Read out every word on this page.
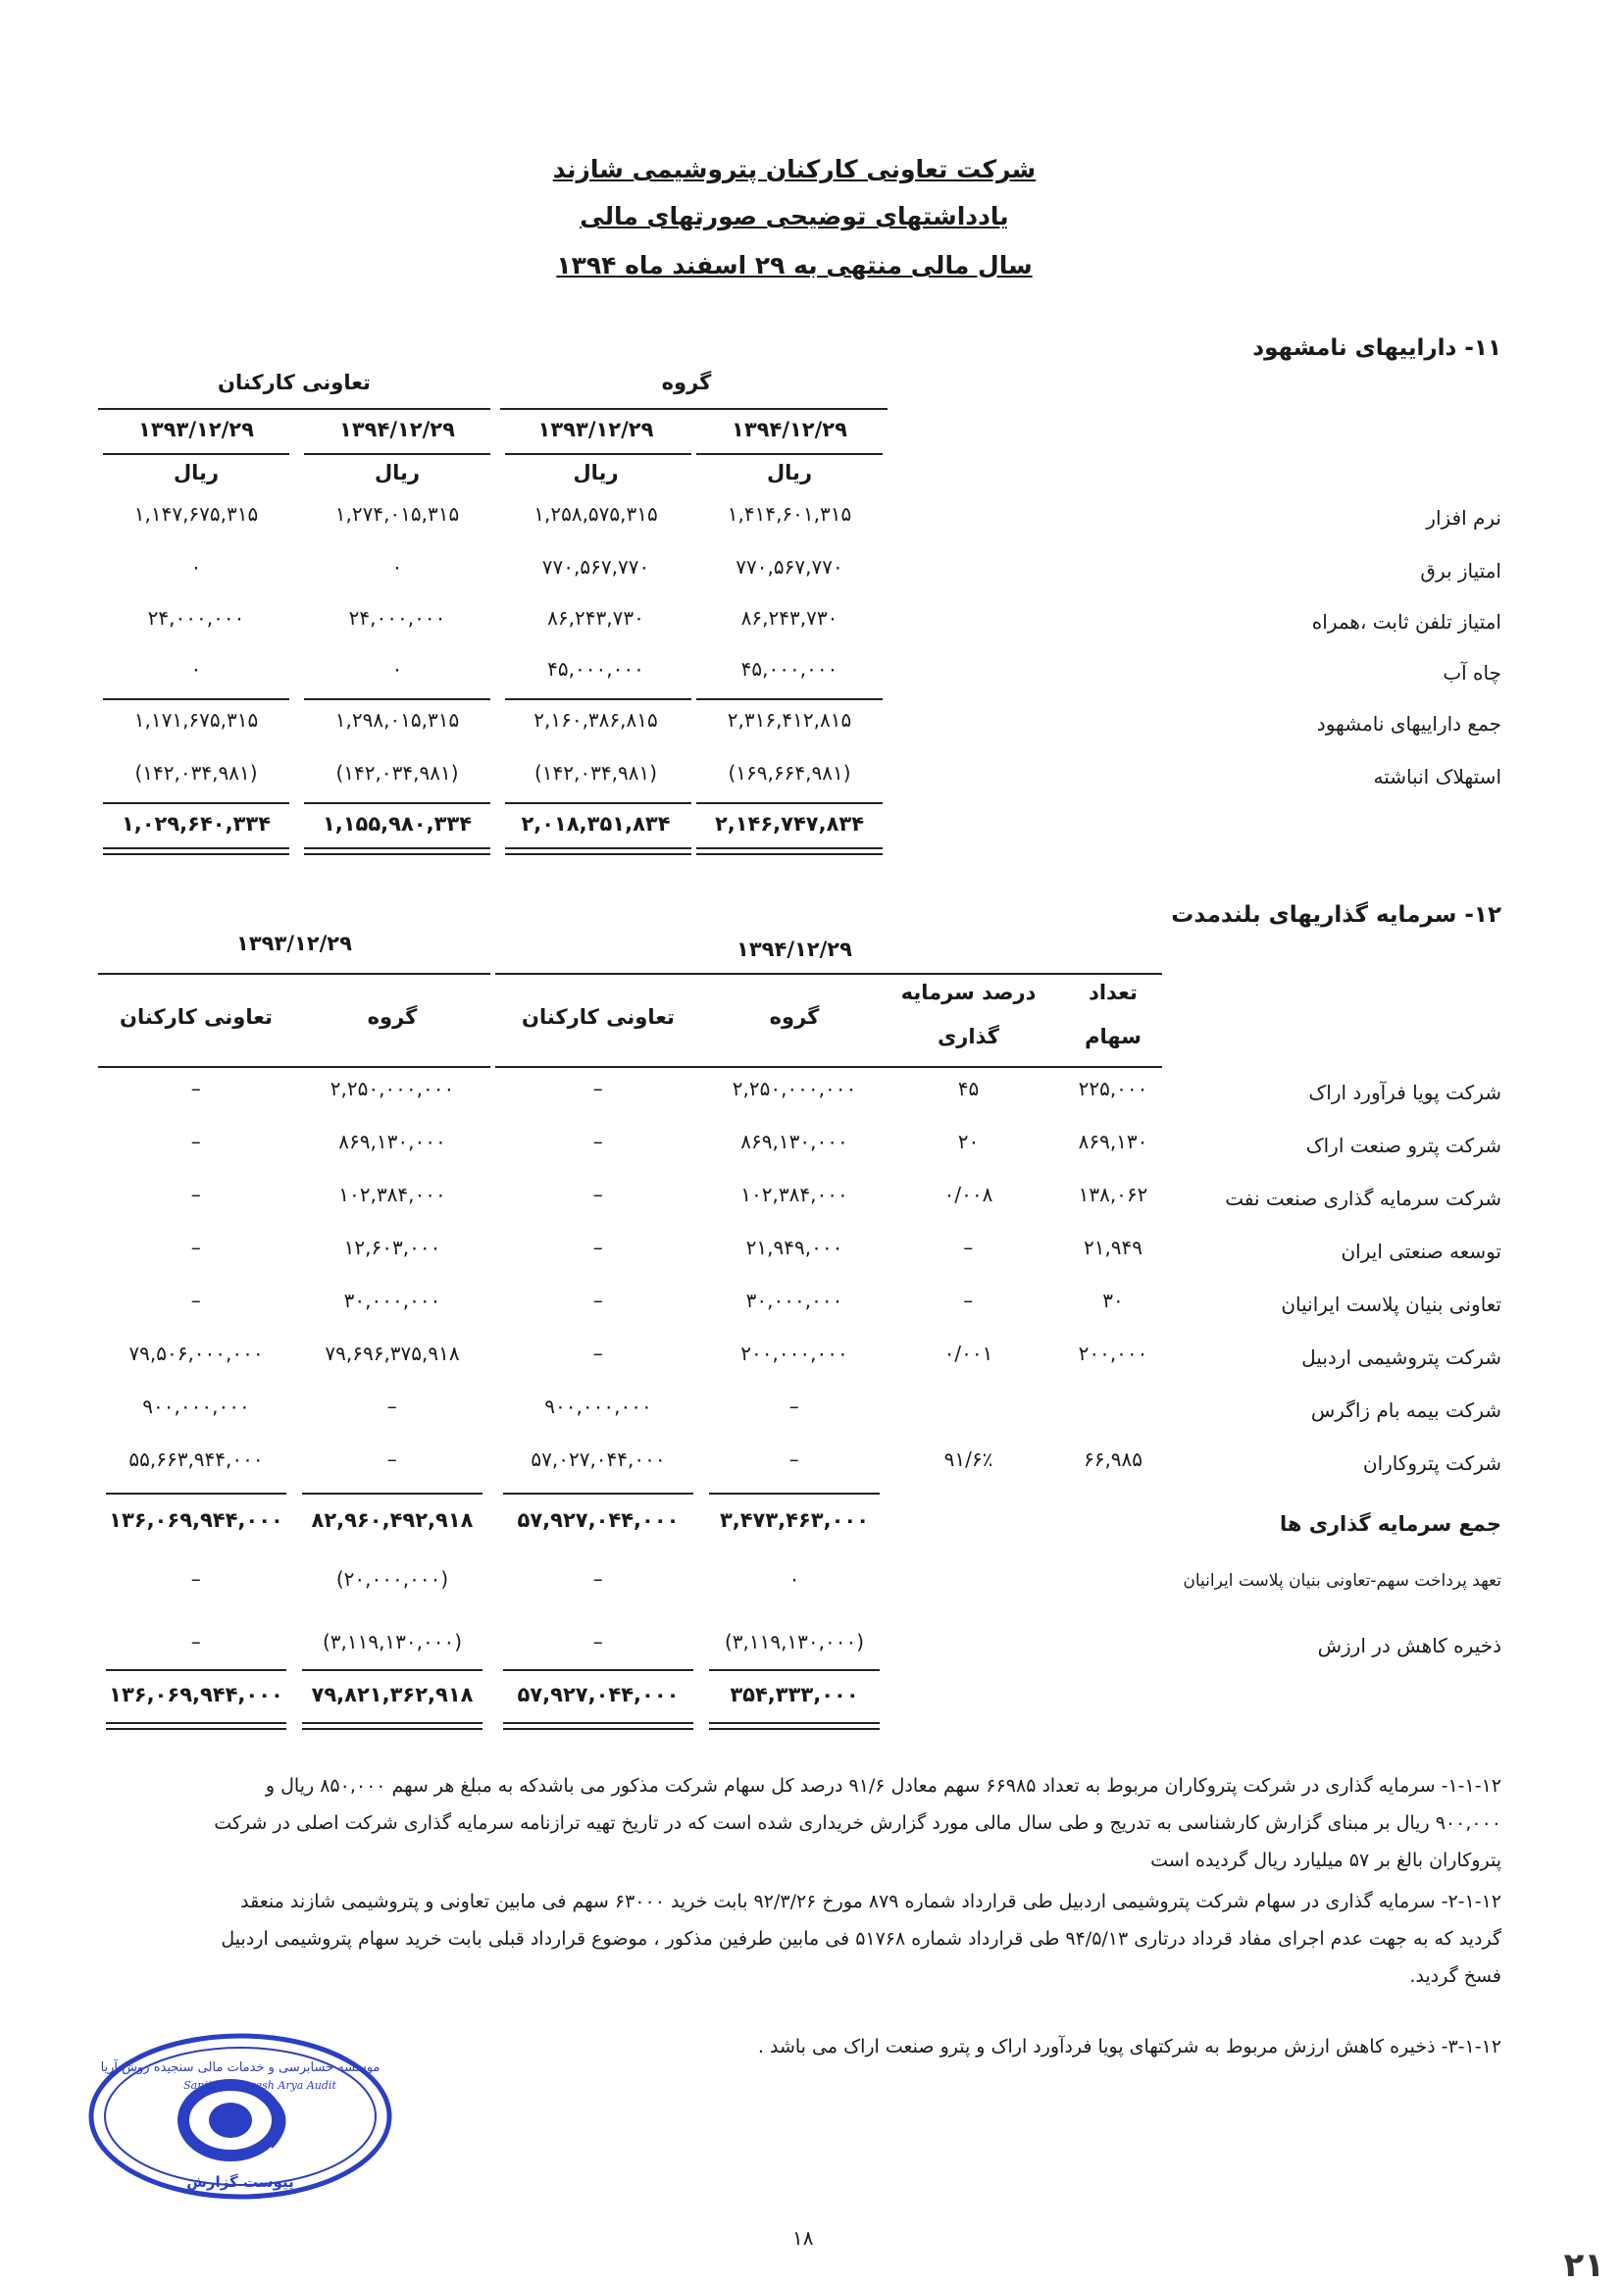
شرکت تعاونی کارکنان پتروشیمی شازند
یادداشتهای توضیحی صورتهای مالی
سال مالی منتهی به ۲۹ اسفند ماه ۱۳۹۴
۱۱- داراییهای نامشهود
گروه
تعاونی کارکنان
۱۳۹۴/۱۲/۲۹
ریال
۱۳۹۳/۱۲/۲۹
ریال
۱۳۹۴/۱۲/۲۹
ریال
۱۳۹۳/۱۲/۲۹
ریال
نرم افزار
۱,۴۱۴,۶۰۱,۳۱۵
۱,۲۵۸,۵۷۵,۳۱۵
۱,۲۷۴,۰۱۵,۳۱۵
۱,۱۴۷,۶۷۵,۳۱۵
امتیاز برق
۷۷۰,۵۶۷,۷۷۰
۷۷۰,۵۶۷,۷۷۰
۰
۰
امتیاز تلفن ثابت ،همراه
۸۶,۲۴۳,۷۳۰
۸۶,۲۴۳,۷۳۰
۲۴,۰۰۰,۰۰۰
۲۴,۰۰۰,۰۰۰
چاه آب
۴۵,۰۰۰,۰۰۰
۴۵,۰۰۰,۰۰۰
۰
۰
جمع داراییهای نامشهود
۲,۳۱۶,۴۱۲,۸۱۵
۲,۱۶۰,۳۸۶,۸۱۵
۱,۲۹۸,۰۱۵,۳۱۵
۱,۱۷۱,۶۷۵,۳۱۵
استهلاک انباشته
(۱۶۹,۶۶۴,۹۸۱)
(۱۴۲,۰۳۴,۹۸۱)
(۱۴۲,۰۳۴,۹۸۱)
(۱۴۲,۰۳۴,۹۸۱)
۲,۱۴۶,۷۴۷,۸۳۴
۲,۰۱۸,۳۵۱,۸۳۴
۱,۱۵۵,۹۸۰,۳۳۴
۱,۰۲۹,۶۴۰,۳۳۴
۱۲- سرمایه گذاریهای بلندمدت
۱۳۹۴/۱۲/۲۹
۱۳۹۳/۱۲/۲۹
تعداد
سهام
درصد سرمایه
گذاری
گروه
تعاونی کارکنان
گروه
تعاونی کارکنان
شرکت پویا فرآورد اراک
۲۲۵,۰۰۰
۴۵
۲,۲۵۰,۰۰۰,۰۰۰
–
۲,۲۵۰,۰۰۰,۰۰۰
–
شرکت پترو صنعت اراک
۸۶۹,۱۳۰
۲۰
۸۶۹,۱۳۰,۰۰۰
–
۸۶۹,۱۳۰,۰۰۰
–
شرکت سرمایه گذاری صنعت نفت
۱۳۸,۰۶۲
۰/۰۰۸
۱۰۲,۳۸۴,۰۰۰
–
۱۰۲,۳۸۴,۰۰۰
–
توسعه صنعتی ایران
۲۱,۹۴۹
–
۲۱,۹۴۹,۰۰۰
–
۱۲,۶۰۳,۰۰۰
–
تعاونی بنیان پلاست ایرانیان
۳۰
–
۳۰,۰۰۰,۰۰۰
–
۳۰,۰۰۰,۰۰۰
–
شرکت پتروشیمی اردبیل
۲۰۰,۰۰۰
۰/۰۰۱
۲۰۰,۰۰۰,۰۰۰
–
۷۹,۶۹۶,۳۷۵,۹۱۸
۷۹,۵۰۶,۰۰۰,۰۰۰
شرکت بیمه بام زاگرس
–
۹۰۰,۰۰۰,۰۰۰
–
۹۰۰,۰۰۰,۰۰۰
شرکت پتروکاران
۶۶,۹۸۵
۹۱/۶٪
–
۵۷,۰۲۷,۰۴۴,۰۰۰
–
۵۵,۶۶۳,۹۴۴,۰۰۰
۳۵۴,۳۳۳,۰۰۰
۵۷,۹۲۷,۰۴۴,۰۰۰
۷۹,۸۲۱,۳۶۲,۹۱۸
۱۳۶,۰۶۹,۹۴۴,۰۰۰
جمع سرمایه گذاری ها
۳,۴۷۳,۴۶۳,۰۰۰
۵۷,۹۲۷,۰۴۴,۰۰۰
۸۲,۹۶۰,۴۹۲,۹۱۸
۱۳۶,۰۶۹,۹۴۴,۰۰۰
تعهد پرداخت سهم-تعاونی بنیان پلاست ایرانیان
۰
–
(۲۰,۰۰۰,۰۰۰)
–
ذخیره کاهش در ارزش
(۳,۱۱۹,۱۳۰,۰۰۰)
–
(۳,۱۱۹,۱۳۰,۰۰۰)
–
۱-۱-۱۲- سرمایه گذاری در شرکت پتروکاران مربوط به تعداد ۶۶۹۸۵ سهم معادل ۹۱/۶ درصد کل سهام شرکت مذکور می باشدکه به مبلغ هر سهم ۸۵۰,۰۰۰ ریال و
۹۰۰,۰۰۰ ریال بر مبنای گزارش کارشناسی به تدریج و طی سال مالی مورد گزارش خریداری شده است که در تاریخ تهیه ترازنامه سرمایه گذاری شرکت اصلی در شرکت
پتروکاران بالغ بر ۵۷ میلیارد ریال گردیده است
۲-۱-۱۲- سرمایه گذاری در سهام شرکت پتروشیمی اردبیل طی قرارداد شماره ۸۷۹ مورخ ۹۲/۳/۲۶ بابت خرید ۶۳۰۰۰ سهم فی مابین تعاونی و پتروشیمی شازند منعقد
گردید که به جهت عدم اجرای مفاد قرداد درتاری ۹۴/۵/۱۳ طی قرارداد شماره ۵۱۷۶۸ فی مابین طرفین مذکور ، موضوع قرارداد قبلی بابت خرید سهام پتروشیمی اردبیل
فسخ گردید.
۳-۱-۱۲- ذخیره کاهش ارزش مربوط به شرکتهای پویا فردآورد اراک و پترو صنعت اراک می باشد .
موسسه حسابرسی و خدمات مالی سنجیده روش آریا
Sanjideh Ravesh Arya Audit
پیوست گزارش
۱۸
۲۱
